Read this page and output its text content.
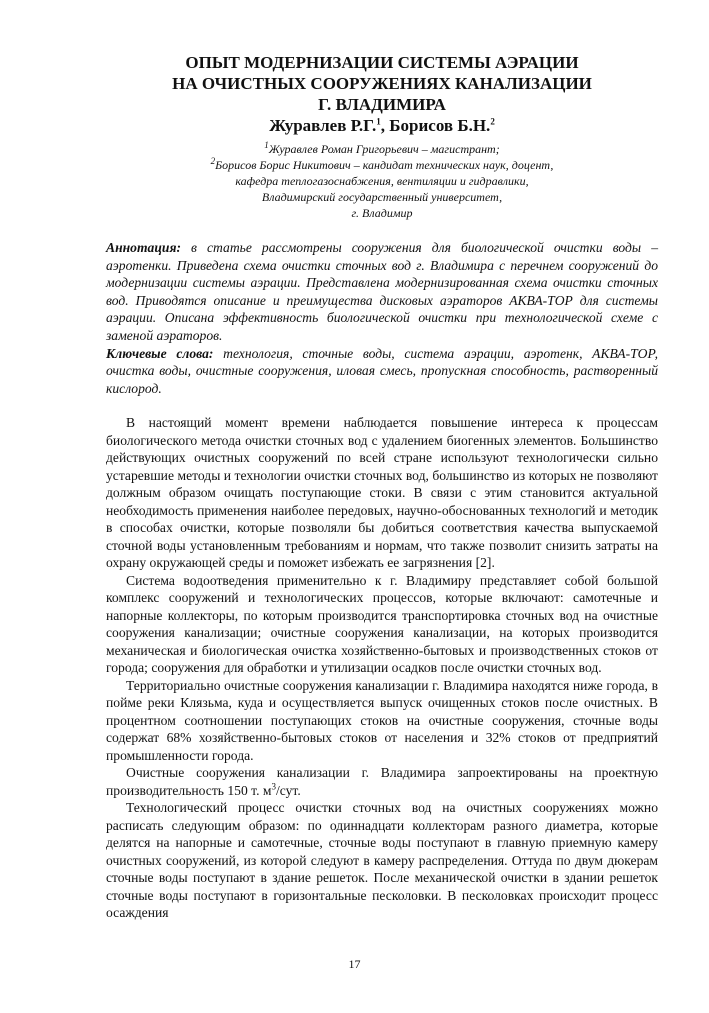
ОПЫТ МОДЕРНИЗАЦИИ СИСТЕМЫ АЭРАЦИИ
НА ОЧИСТНЫХ СООРУЖЕНИЯХ КАНАЛИЗАЦИИ
Г. ВЛАДИМИРА
Журавлев Р.Г.$^1$, Борисов Б.Н.$^2$
$^1$Журавлев Роман Григорьевич – магистрант;
$^2$Борисов Борис Никитович – кандидат технических наук, доцент,
кафедра теплогазоснабжения, вентиляции и гидравлики,
Владимирский государственный университет,
г. Владимир
Аннотация: в статье рассмотрены сооружения для биологической очистки воды – аэротенки. Приведена схема очистки сточных вод г. Владимира с перечнем сооружений до модернизации системы аэрации. Представлена модернизированная схема очистки сточных вод. Приводятся описание и преимущества дисковых аэраторов АКВА-ТОР для системы аэрации. Описана эффективность биологической очистки при технологической схеме с заменой аэраторов.
Ключевые слова: технология, сточные воды, система аэрации, аэротенк, АКВА-ТОР, очистка воды, очистные сооружения, иловая смесь, пропускная способность, растворенный кислород.

В настоящий момент времени наблюдается повышение интереса к процессам биологического метода очистки сточных вод с удалением биогенных элементов. Большинство действующих очистных сооружений по всей стране используют технологически сильно устаревшие методы и технологии очистки сточных вод, большинство из которых не позволяют должным образом очищать поступающие стоки. В связи с этим становится актуальной необходимость применения наиболее передовых, научно-обоснованных технологий и методик в способах очистки, которые позволяли бы добиться соответствия качества выпускаемой сточной воды установленным требованиям и нормам, что также позволит снизить затраты на охрану окружающей среды и поможет избежать ее загрязнения [2].

Система водоотведения применительно к г. Владимиру представляет собой большой комплекс сооружений и технологических процессов, которые включают: самотечные и напорные коллекторы, по которым производится транспортировка сточных вод на очистные сооружения канализации; очистные сооружения канализации, на которых производится механическая и биологическая очистка хозяйственно-бытовых и производственных стоков от города; сооружения для обработки и утилизации осадков после очистки сточных вод.

Территориально очистные сооружения канализации г. Владимира находятся ниже города, в пойме реки Клязьма, куда и осуществляется выпуск очищенных стоков после очистных. В процентном соотношении поступающих стоков на очистные сооружения, сточные воды содержат 68% хозяйственно-бытовых стоков от населения и 32% стоков от предприятий промышленности города.

Очистные сооружения канализации г. Владимира запроектированы на проектную производительность 150 т. $м^3$/сут.

Технологический процесс очистки сточных вод на очистных сооружениях можно расписать следующим образом: по одиннадцати коллекторам разного диаметра, которые делятся на напорные и самотечные, сточные воды поступают в главную приемную камеру очистных сооружений, из которой следуют в камеру распределения. Оттуда по двум дюкерам сточные воды поступают в здание решеток. После механической очистки в здании решеток сточные воды поступают в горизонтальные песколовки. В песколовках происходит процесс осаждения

17
